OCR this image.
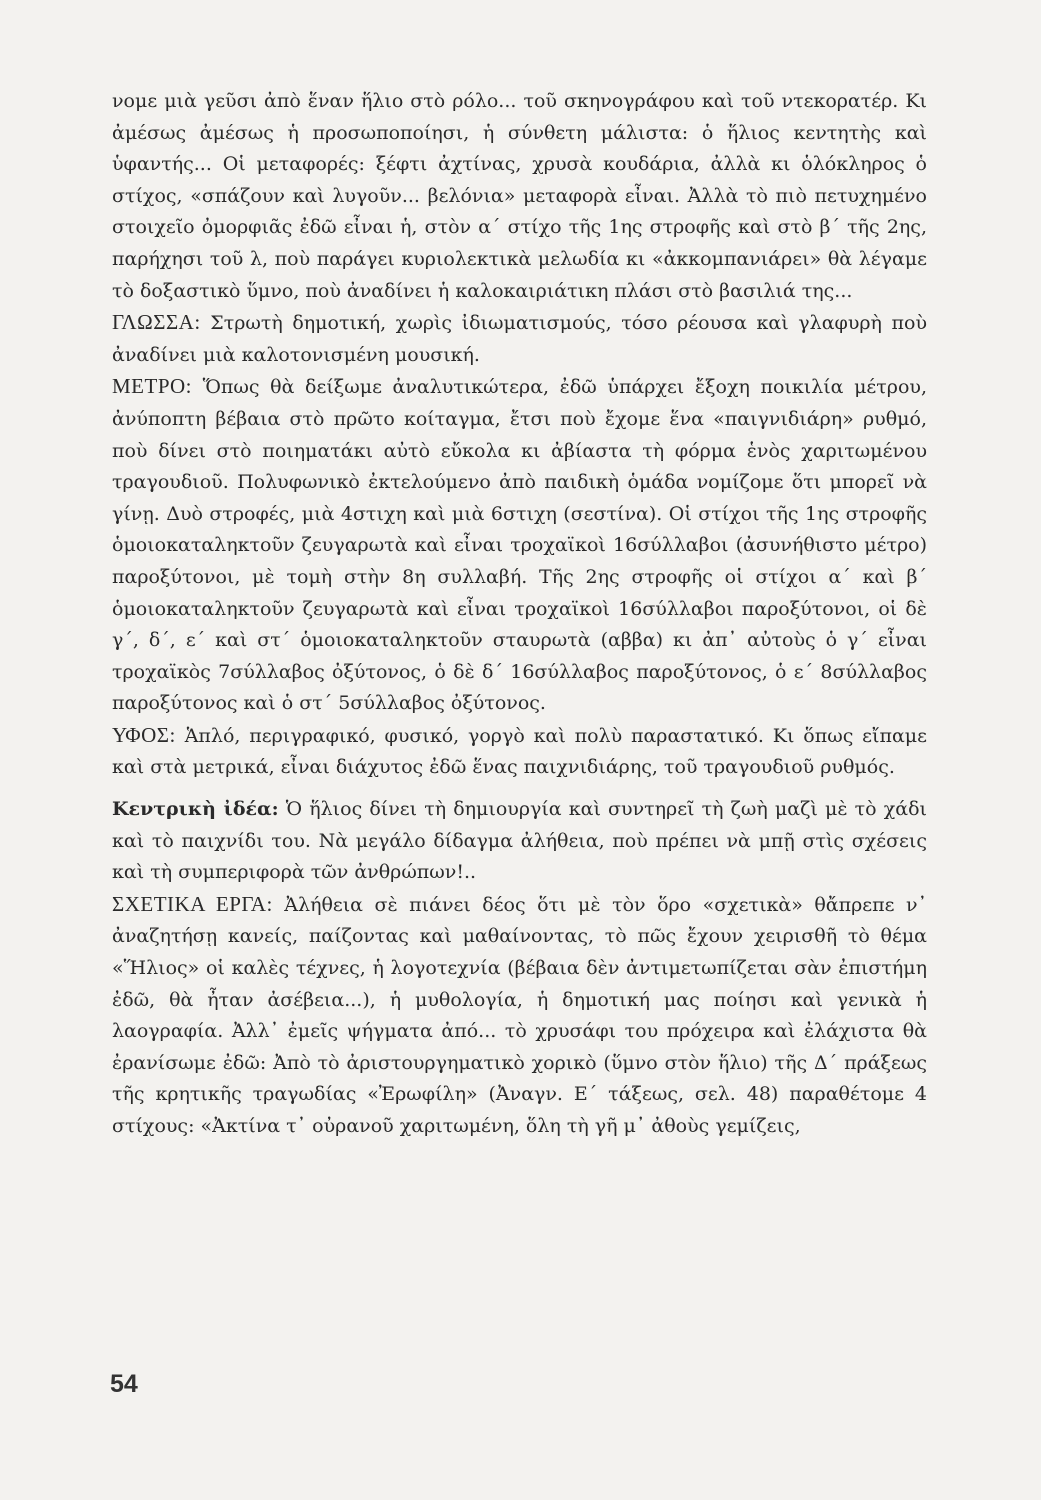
νομε μιὰ γεῦσι ἀπὸ ἕναν ἥλιο στὸ ρόλο... τοῦ σκηνογράφου καὶ τοῦ ντεκορατέρ. Κι ἀμέσως ἀμέσως ἡ προσωποποίησι, ἡ σύνθετη μάλιστα: ὁ ἥλιος κεντητὴς καὶ ὑφαντής... Οἱ μεταφορές: ξέφτι ἀχτίνας, χρυσὰ κουδάρια, ἀλλὰ κι ὁλόκληρος ὁ στίχος, «σπάζουν καὶ λυγοῦν... βελόνια» μεταφορὰ εἶναι. Ἀλλὰ τὸ πιὸ πετυχημένο στοιχεῖο ὀμορφιᾶς ἐδῶ εἶναι ἡ, στὸν α΄ στίχο τῆς 1ης στροφῆς καὶ στὸ β΄ τῆς 2ης, παρήχησι τοῦ λ, ποὺ παράγει κυριολεκτικὰ μελωδία κι «ἀκκομπανιάρει» θὰ λέγαμε τὸ δοξαστικὸ ὕμνο, ποὺ ἀναδίνει ἡ καλοκαιριάτικη πλάσι στὸ βασιλιά της...

ΓΛΩΣΣΑ: Στρωτὴ δημοτική, χωρὶς ἰδιωματισμούς, τόσο ρέουσα καὶ γλαφυρὴ ποὺ ἀναδίνει μιὰ καλοτονισμένη μουσική.

ΜΕΤΡΟ: Ὅπως θὰ δείξωμε ἀναλυτικώτερα, ἐδῶ ὑπάρχει ἔξοχη ποικιλία μέτρου, ἀνύποπτη βέβαια στὸ πρῶτο κοίταγμα, ἔτσι ποὺ ἔχομε ἕνα «παιγνιδιάρη» ρυθμό, ποὺ δίνει στὸ ποιηματάκι αὐτὸ εὔκολα κι ἀβίαστα τὴ φόρμα ἑνὸς χαριτωμένου τραγουδιοῦ. Πολυφωνικὸ ἐκτελούμενο ἀπὸ παιδικὴ ὁμάδα νομίζομε ὅτι μπορεῖ νὰ γίνῃ. Δυὸ στροφές, μιὰ 4στιχη καὶ μιὰ 6στιχη (σεστίνα). Οἱ στίχοι τῆς 1ης στροφῆς ὁμοιοκαταληκτοῦν ζευγαρωτὰ καὶ εἶναι τροχαϊκοὶ 16σύλλαβοι (ἀσυνήθιστο μέτρο) παροξύτονοι, μὲ τομὴ στὴν 8η συλλαβή. Τῆς 2ης στροφῆς οἱ στίχοι α΄ καὶ β΄ ὁμοιοκαταληκτοῦν ζευγαρωτὰ καὶ εἶναι τροχαϊκοὶ 16σύλλαβοι παροξύτονοι, οἱ δὲ γ΄, δ΄, ε΄ καὶ στ΄ ὁμοιοκαταληκτοῦν σταυρωτὰ (αββα) κι ἀπ᾽ αὐτοὺς ὁ γ΄ εἶναι τροχαϊκὸς 7σύλλαβος ὀξύτονος, ὁ δὲ δ΄ 16σύλλαβος παροξύτονος, ὁ ε΄ 8σύλλαβος παροξύτονος καὶ ὁ στ΄ 5σύλλαβος ὀξύτονος.

ΥΦΟΣ: Ἁπλό, περιγραφικό, φυσικό, γοργὸ καὶ πολὺ παραστατικό. Κι ὅπως εἴπαμε καὶ στὰ μετρικά, εἶναι διάχυτος ἐδῶ ἕνας παιχνιδιάρης, τοῦ τραγουδιοῦ ρυθμός.

Κεντρικὴ ἰδέα: Ὁ ἥλιος δίνει τὴ δημιουργία καὶ συντηρεῖ τὴ ζωὴ μαζὶ μὲ τὸ χάδι καὶ τὸ παιχνίδι του. Νὰ μεγάλο δίδαγμα ἀλήθεια, ποὺ πρέπει νὰ μπῇ στὶς σχέσεις καὶ τὴ συμπεριφορὰ τῶν ἀνθρώπων!..

ΣΧΕΤΙΚΑ ΕΡΓΑ: Ἀλήθεια σὲ πιάνει δέος ὅτι μὲ τὸν ὅρο «σχετικὰ» θἄπρεπε ν᾽ ἀναζητήσῃ κανείς, παίζοντας καὶ μαθαίνοντας, τὸ πῶς ἔχουν χειρισθῆ τὸ θέμα «Ἥλιος» οἱ καλὲς τέχνες, ἡ λογοτεχνία (βέβαια δὲν ἀντιμετωπίζεται σὰν ἐπιστήμη ἐδῶ, θὰ ἦταν ἀσέβεια...), ἡ μυθολογία, ἡ δημοτική μας ποίησι καὶ γενικὰ ἡ λαογραφία. Ἀλλ᾽ ἐμεῖς ψήγματα ἀπό... τὸ χρυσάφι του πρόχειρα καὶ ἐλάχιστα θὰ ἐρανίσωμε ἐδῶ: Ἀπὸ τὸ ἀριστουργηματικὸ χορικὸ (ὕμνο στὸν ἥλιο) τῆς Δ΄ πράξεως τῆς κρητικῆς τραγωδίας «Ἐρωφίλη» (Ἀναγν. Ε΄ τάξεως, σελ. 48) παραθέτομε 4 στίχους: «Ἀκτίνα τ᾽ οὐρανοῦ χαριτωμένη, ὅλη τὴ γῆ μ᾽ ἀθοὺς γεμίζεις,

54
